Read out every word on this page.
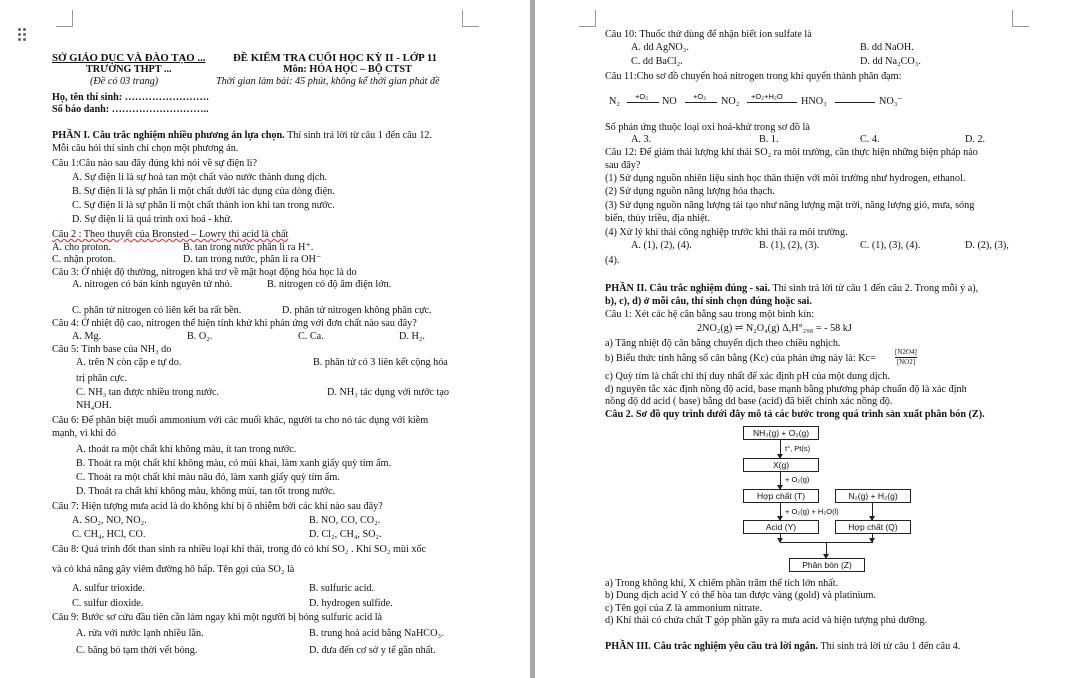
SỞ GIÁO DỤC VÀ ĐÀO TẠO ...
TRƯỜNG THPT ...
(Đề có 03 trang)
ĐỀ KIỂM TRA CUỐI HỌC KỲ II - LỚP 11
Môn: HÓA HỌC – BỘ CTST
Thời gian làm bài: 45 phút, không kể thời gian phát đề
Họ, tên thí sinh: …………………….
Số báo danh: ………………………..
PHẦN I. Câu trắc nghiệm nhiều phương án lựa chọn. Thí sinh trả lời từ câu 1 đến câu 12.
Mỗi câu hỏi thí sinh chỉ chọn một phương án.
Câu 1:Câu nào sau đây đúng khi nói về sự điện li?
A. Sự điện li là sự hoà tan một chất vào nước thành dung dịch.
B. Sự điện li là sự phân li một chất dưới tác dụng của dòng điện.
C. Sự điện li là sự phân li một chất thành ion khi tan trong nước.
D. Sự điện li là quá trình oxi hoá - khử.
Câu 2 : Theo thuyết của Bronsted – Lowry thì acid là chất
A. cho proton.	B. tan trong nước phân li ra H⁺.
C. nhận proton.	D. tan trong nước, phân li ra OH⁻
Câu 3: Ở nhiệt độ thường, nitrogen khá trơ về mặt hoạt động hóa học là do
A. nitrogen có bán kính nguyên tử nhỏ.	B. nitrogen có độ âm điện lớn.
C. phân tử nitrogen có liên kết ba rất bền.	D. phân tử nitrogen không phân cực.
Câu 4: Ở nhiệt độ cao, nitrogen thể hiện tính khử khi phản ứng với đơn chất nào sau đây?
A. Mg.	B. O₂.	C. Ca.	D. H₂.
Câu 5: Tính base của NH₃ do
A. trên N còn cặp e tự do.	B. phân tử có 3 liên kết cộng hóa
trị phân cực.
C. NH₃ tan được nhiều trong nước.	D. NH₃ tác dụng với nước tạo
NH₄OH.
Câu 6: Để phân biệt muối ammonium với các muối khác, người ta cho nó tác dụng với kiềm
mạnh, vì khi đó
A. thoát ra một chất khí không màu, ít tan trong nước.
B. Thoát ra một chất khí không màu, có mùi khai, làm xanh giấy quỳ tím ẩm.
C. Thoát ra một chất khí màu nâu đỏ, làm xanh giấy quỳ tím ẩm.
D. Thoát ra chất khí không màu, không mùi, tan tốt trong nước.
Câu 7: Hiện tượng mưa acid là do không khí bị ô nhiễm bởi các khí nào sau đây?
A. SO₂, NO, NO₂.	B. NO, CO, CO₂.
C. CH₄, HCl, CO.	D. Cl₂, CH₄, SO₂.
Câu 8: Quá trình đốt than sinh ra nhiều loại khí thải, trong đó có khí SO₂ . Khí SO₂ mùi xốc
và có khả năng gây viêm đường hô hấp. Tên gọi của SO₂ là
A. sulfur trioxide.	B. sulfuric acid.
C. sulfur dioxide.	D. hydrogen sulfide.
Câu 9: Bước sơ cứu đầu tiên cần làm ngay khi một người bị bỏng sulfuric acid là
A. rửa với nước lạnh nhiều lần.	B. trung hoà acid bằng NaHCO₃.
C. băng bó tạm thời vết bỏng.	D. đưa đến cơ sở y tế gần nhất.
Câu 10: Thuốc thử dùng để nhận biết ion sulfate là
A. dd AgNO₃.	B. dd NaOH.
C. dd BaCl₂.	D. dd Na₂CO₃.
Câu 11:Cho sơ đồ chuyển hoá nitrogen trong khí quyển thành phân đạm:
N₂ +O₂ NO +O₂ NO₂ +O₂+H₂O HNO₃	NO₃⁻
Số phản ứng thuộc loại oxi hoá-khử trong sơ đồ là
A. 3.	B. 1.	C. 4.	D. 2.
Câu 12: Để giảm thải lượng khí thải SO₂ ra môi trường, cần thực hiện những biện pháp nào
sau đây?
(1) Sử dụng nguồn nhiên liệu sinh học thân thiện với môi trường như hydrogen, ethanol.
(2) Sử dụng nguồn năng lượng hóa thạch.
(3) Sử dụng nguồn năng lượng tái tạo như năng lượng mặt trời, năng lượng gió, mưa, sóng
biển, thủy triều, địa nhiệt.
(4) Xử lý khí thải công nghiệp trước khi thải ra môi trường.
A. (1), (2), (4).	B. (1), (2), (3).	C. (1), (3), (4).	D. (2), (3),
(4).
PHẦN II. Câu trắc nghiệm đúng - sai. Thí sinh trả lời từ câu 1 đến câu 2. Trong mỗi ý a),
b), c), d) ở mỗi câu, thí sinh chọn đúng hoặc sai.
Câu 1: Xét các hệ cân bằng sau trong một bình kín:
2NO₂(g) ⇌ N₂O₄(g) Δ,H°₂₉₈ = - 58 kJ
a) Tăng nhiệt độ cân bằng chuyển dịch theo chiều nghịch.
b) Biểu thức tính hằng số cân bằng (Kc) của phản ứng này là: Kc=	$\frac{[N2O4]}{[NO2]}$
c) Quỳ tím là chất chỉ thị duy nhất để xác định pH của một dung dịch.
d) nguyên tắc xác định nồng độ acid, base mạnh bằng phương pháp chuẩn độ là xác định
nồng độ dd acid ( base) bằng dd base (acid) đã biết chính xác nồng độ.
Câu 2. Sơ đồ quy trình dưới đây mô tả các bước trong quá trình sản xuất phân bón (Z).
NH₃(g) + O₂(g)
t°, Pt(s)
X(g)
+ O₂(g)
Hợp chất (T)	N₂(g) + H₂(g)
+ O₂(g) + H₂O(l)
Acid (Y)	Hợp chất (Q)
Phân bón (Z)
a) Trong không khí, X chiếm phần trăm thể tích lớn nhất.
b) Dung dịch acid Y có thể hòa tan được vàng (gold) và platinium.
c) Tên gọi của Z là ammonium nitrate.
d) Khí thải có chứa chất T góp phần gây ra mưa acid và hiện tượng phú dưỡng.
PHẦN III. Câu trắc nghiệm yêu cầu trả lời ngắn. Thí sinh trả lời từ câu 1 đến câu 4.
